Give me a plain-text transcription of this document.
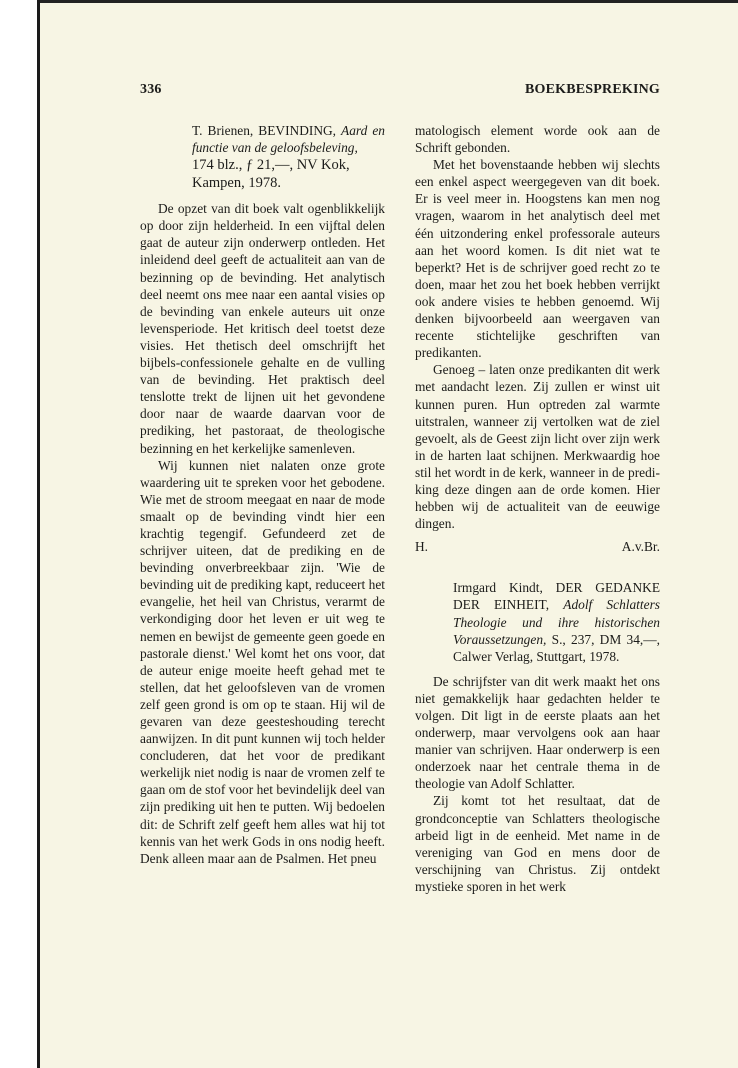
336	BOEKBESPREKING
T. Brienen, BEVINDING, Aard en functie van de geloofsbeleving,
174 blz., ƒ 21,—, NV Kok,
Kampen, 1978.

De opzet van dit boek valt ogenblikkelijk op door zijn helderheid. In een vijftal delen gaat de auteur zijn onderwerp ontleden. Het inleidend deel geeft de actualiteit aan van de bezinning op de bevinding. Het analytisch deel neemt ons mee naar een aantal visies op de bevinding van enkele auteurs uit onze levensperiode. Het kritisch deel toetst deze visies. Het thetisch deel omschrijft het bijbels-confessionele gehalte en de vulling van de bevinding. Het praktisch deel tenslotte trekt de lijnen uit het gevondene door naar de waarde daarvan voor de prediking, het pastoraat, de theologische bezinning en het kerkelijke samenleven.

Wij kunnen niet nalaten onze grote waardering uit te spreken voor het gebodene. Wie met de stroom meegaat en naar de mode smaalt op de bevinding vindt hier een krachtig tegengif. Gefundeerd zet de schrijver uiteen, dat de prediking en de bevinding onverbreekbaar zijn. 'Wie de bevinding uit de prediking kapt, reduceert het evangelie, het heil van Christus, verarmt de verkondiging door het leven er uit weg te nemen en bewijst de gemeente geen goede en pastorale dienst.' Wel komt het ons voor, dat de auteur enige moeite heeft gehad met te stellen, dat het geloofsleven van de vromen zelf geen grond is om op te staan. Hij wil de gevaren van deze geesteshouding terecht aanwijzen. In dit punt kunnen wij toch helder concluderen, dat het voor de predikant werkelijk niet nodig is naar de vromen zelf te gaan om de stof voor het bevindelijk deel van zijn prediking uit hen te putten. Wij bedoelen dit: de Schrift zelf geeft hem alles wat hij tot kennis van het werk Gods in ons nodig heeft. Denk alleen maar aan de Psalmen. Het pneu

matologisch element worde ook aan de Schrift gebonden.

Met het bovenstaande hebben wij slechts een enkel aspect weergegeven van dit boek. Er is veel meer in. Hoogstens kan men nog vragen, waarom in het analytisch deel met één uitzondering enkel professorale auteurs aan het woord komen. Is dit niet wat te beperkt? Het is de schrijver goed recht zo te doen, maar het zou het boek hebben verrijkt ook andere visies te hebben genoemd. Wij denken bijvoorbeeld aan weergaven van recente stichtelijke geschriften van predikanten.

Genoeg – laten onze predikanten dit werk met aandacht lezen. Zij zullen er winst uit kunnen puren. Hun optreden zal warmte uitstralen, wanneer zij vertolken wat de ziel gevoelt, als de Geest zijn licht over zijn werk in de harten laat schijnen. Merkwaardig hoe stil het wordt in de kerk, wanneer in de prediking deze dingen aan de orde komen. Hier hebben wij de actualiteit van de eeuwige dingen.

H.	A.v.Br.
Irmgard Kindt, DER GEDANKE DER EINHEIT, Adolf Schlatters Theologie und ihre historischen Voraussetzungen, S., 237, DM 34,—, Calwer Verlag, Stuttgart, 1978.

De schrijfster van dit werk maakt het ons niet gemakkelijk haar gedachten helder te volgen. Dit ligt in de eerste plaats aan het onderwerp, maar vervolgens ook aan haar manier van schrijven. Haar onderwerp is een onderzoek naar het centrale thema in de theologie van Adolf Schlatter.

Zij komt tot het resultaat, dat de grondconceptie van Schlatters theologische arbeid ligt in de eenheid. Met name in de vereniging van God en mens door de verschijning van Christus. Zij ontdekt mystieke sporen in het werk
